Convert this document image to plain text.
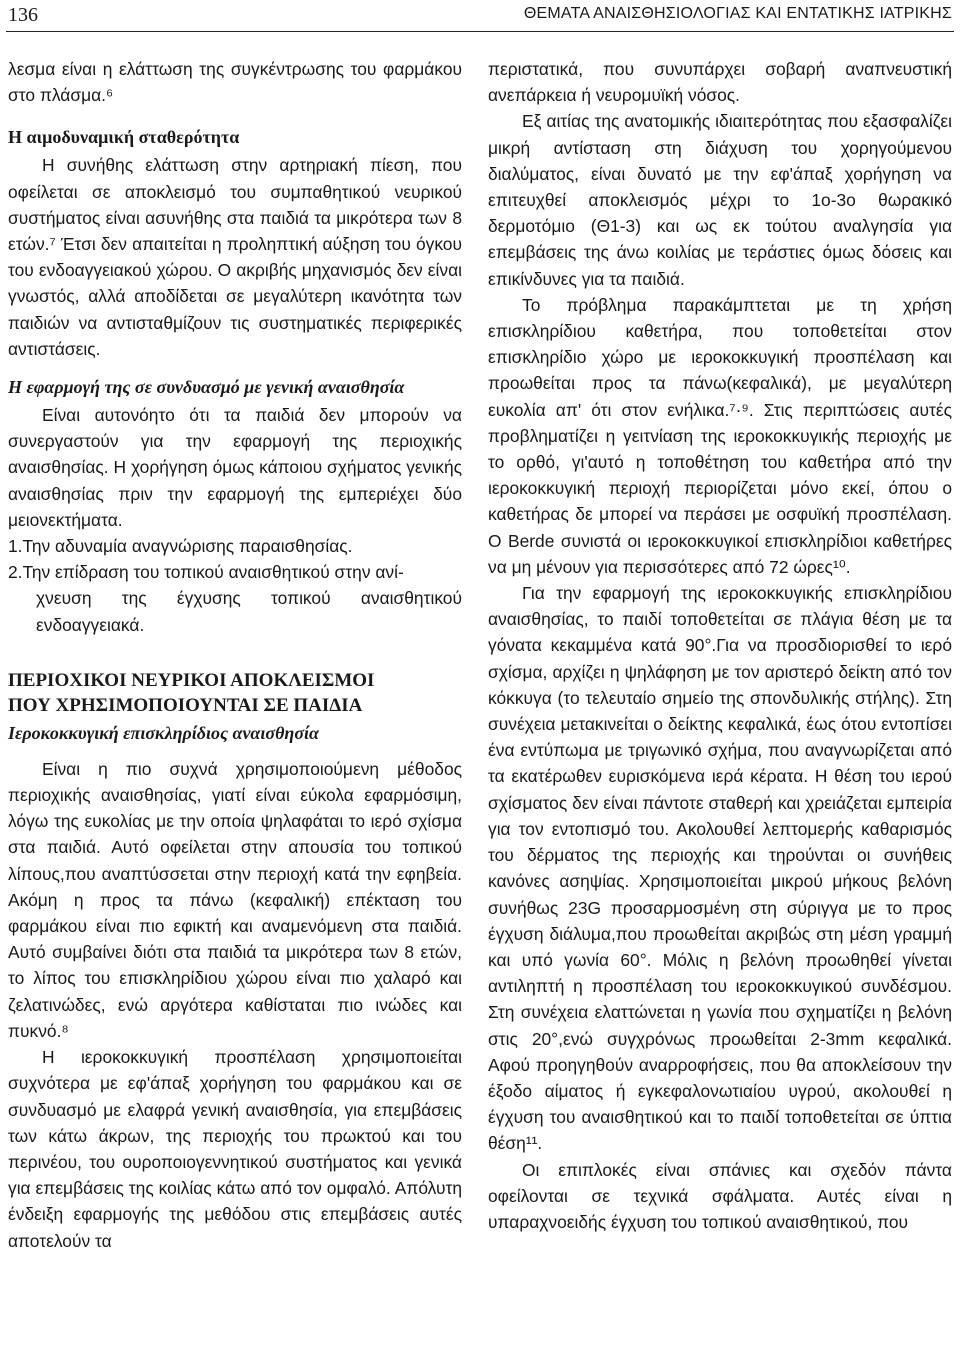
136	ΘΕΜΑΤΑ ΑΝΑΙΣΘΗΣΙΟΛΟΓΙΑΣ ΚΑΙ ΕΝΤΑΤΙΚΗΣ ΙΑΤΡΙΚΗΣ

λεσμα είναι η ελάττωση της συγκέντρωσης του φαρμάκου στο πλάσμα.⁶

Η αιμοδυναμική σταθερότητα

Η συνήθης ελάττωση στην αρτηριακή πίεση, που οφείλεται σε αποκλεισμό του συμπαθητικού νευρικού συστήματος είναι ασυνήθης στα παιδιά τα μικρότερα των 8 ετών.⁷ Έτσι δεν απαιτείται η προληπτική αύξηση του όγκου του ενδοαγγειακού χώρου. Ο ακριβής μηχανισμός δεν είναι γνωστός, αλλά αποδίδεται σε μεγαλύτερη ικανότητα των παιδιών να αντισταθμίζουν τις συστηματικές περιφερικές αντιστάσεις.

Η εφαρμογή της σε συνδυασμό με γενική αναισθησία

Είναι αυτονόητο ότι τα παιδιά δεν μπορούν να συνεργαστούν για την εφαρμογή της περιοχικής αναισθησίας. Η χορήγηση όμως κάποιου σχήματος γενικής αναισθησίας πριν την εφαρμογή της εμπεριέχει δύο μειονεκτήματα.

1.Την αδυναμία αναγνώρισης παραισθησίας.

2.Την επίδραση του τοπικού αναισθητικού στην ανί-

χνευση της έγχυσης τοπικού αναισθητικού ενδοαγγειακά.

ΠΕΡΙΟΧΙΚΟΙ ΝΕΥΡΙΚΟΙ ΑΠΟΚΛΕΙΣΜΟΙ
ΠΟΥ ΧΡΗΣΙΜΟΠΟΙΟΥΝΤΑΙ ΣΕ ΠΑΙΔΙΑ
Ιεροκοκκυγική επισκληρίδιος αναισθησία

Είναι η πιο συχνά χρησιμοποιούμενη μέθοδος περιοχικής αναισθησίας, γιατί είναι εύκολα εφαρμόσιμη, λόγω της ευκολίας με την οποία ψηλαφάται το ιερό σχίσμα στα παιδιά. Αυτό οφείλεται στην απουσία του τοπικού λίπους,που αναπτύσσεται στην περιοχή κατά την εφηβεία. Ακόμη η προς τα πάνω (κεφαλική) επέκταση του φαρμάκου είναι πιο εφικτή και αναμενόμενη στα παιδιά. Αυτό συμβαίνει διότι στα παιδιά τα μικρότερα των 8 ετών, το λίπος του επισκληρίδιου χώρου είναι πιο χαλαρό και ζελατινώδες, ενώ αργότερα καθίσταται πιο ινώδες και πυκνό.⁸

Η ιεροκοκκυγική προσπέλαση χρησιμοποιείται συχνότερα με εφ'άπαξ χορήγηση του φαρμάκου και σε συνδυασμό με ελαφρά γενική αναισθησία, για επεμβάσεις των κάτω άκρων, της περιοχής του πρωκτού και του περινέου, του ουροποιογεννητικού συστήματος και γενικά για επεμβάσεις της κοιλίας κάτω από τον ομφαλό. Απόλυτη ένδειξη εφαρμογής της μεθόδου στις επεμβάσεις αυτές αποτελούν τα

περιστατικά, που συνυπάρχει σοβαρή αναπνευστική ανεπάρκεια ή νευρομυϊκή νόσος.

Εξ αιτίας της ανατομικής ιδιαιτερότητας που εξασφαλίζει μικρή αντίσταση στη διάχυση του χορηγούμενου διαλύματος, είναι δυνατό με την εφ'άπαξ χορήγηση να επιτευχθεί αποκλεισμός μέχρι το 1ο-3ο θωρακικό δερμοτόμιο (Θ1-3) και ως εκ τούτου αναλγησία για επεμβάσεις της άνω κοιλίας με τεράστιες όμως δόσεις και επικίνδυνες για τα παιδιά.

Το πρόβλημα παρακάμπτεται με τη χρήση επισκληρίδιου καθετήρα, που τοποθετείται στον επισκληρίδιο χώρο με ιεροκοκκυγική προσπέλαση και προωθείται προς τα πάνω(κεφαλικά), με μεγαλύτερη ευκολία απ' ότι στον ενήλικα.⁷·⁹. Στις περιπτώσεις αυτές προβληματίζει η γειτνίαση της ιεροκοκκυγικής περιοχής με το ορθό, γι'αυτό η τοποθέτηση του καθετήρα από την ιεροκοκκυγική περιοχή περιορίζεται μόνο εκεί, όπου ο καθετήρας δε μπορεί να περάσει με οσφυϊκή προσπέλαση. Ο Berde συνιστά οι ιεροκοκκυγικοί επισκληρίδιοι καθετήρες να μη μένουν για περισσότερες από 72 ώρες¹⁰.

Για την εφαρμογή της ιεροκοκκυγικής επισκληρίδιου αναισθησίας, το παιδί τοποθετείται σε πλάγια θέση με τα γόνατα κεκαμμένα κατά 90°.Για να προσδιορισθεί το ιερό σχίσμα, αρχίζει η ψηλάφηση με τον αριστερό δείκτη από τον κόκκυγα (το τελευταίο σημείο της σπονδυλικής στήλης). Στη συνέχεια μετακινείται ο δείκτης κεφαλικά, έως ότου εντοπίσει ένα εντύπωμα με τριγωνικό σχήμα, που αναγνωρίζεται από τα εκατέρωθεν ευρισκόμενα ιερά κέρατα. Η θέση του ιερού σχίσματος δεν είναι πάντοτε σταθερή και χρειάζεται εμπειρία για τον εντοπισμό του. Ακολουθεί λεπτομερής καθαρισμός του δέρματος της περιοχής και τηρούνται οι συνήθεις κανόνες ασηψίας. Χρησιμοποιείται μικρού μήκους βελόνη συνήθως 23G προσαρμοσμένη στη σύριγγα με το προς έγχυση διάλυμα,που προωθείται ακριβώς στη μέση γραμμή και υπό γωνία 60°. Μόλις η βελόνη προωθηθεί γίνεται αντιληπτή η προσπέλαση του ιεροκοκκυγικού συνδέσμου. Στη συνέχεια ελαττώνεται η γωνία που σχηματίζει η βελόνη στις 20°,ενώ συγχρόνως προωθείται 2-3mm κεφαλικά. Αφού προηγηθούν αναρροφήσεις, που θα αποκλείσουν την έξοδο αίματος ή εγκεφαλονωτιαίου υγρού, ακολουθεί η έγχυση του αναισθητικού και το παιδί τοποθετείται σε ύπτια θέση¹¹.

Οι επιπλοκές είναι σπάνιες και σχεδόν πάντα οφείλονται σε τεχνικά σφάλματα. Αυτές είναι η υπαραχνοειδής έγχυση του τοπικού αναισθητικού, που
